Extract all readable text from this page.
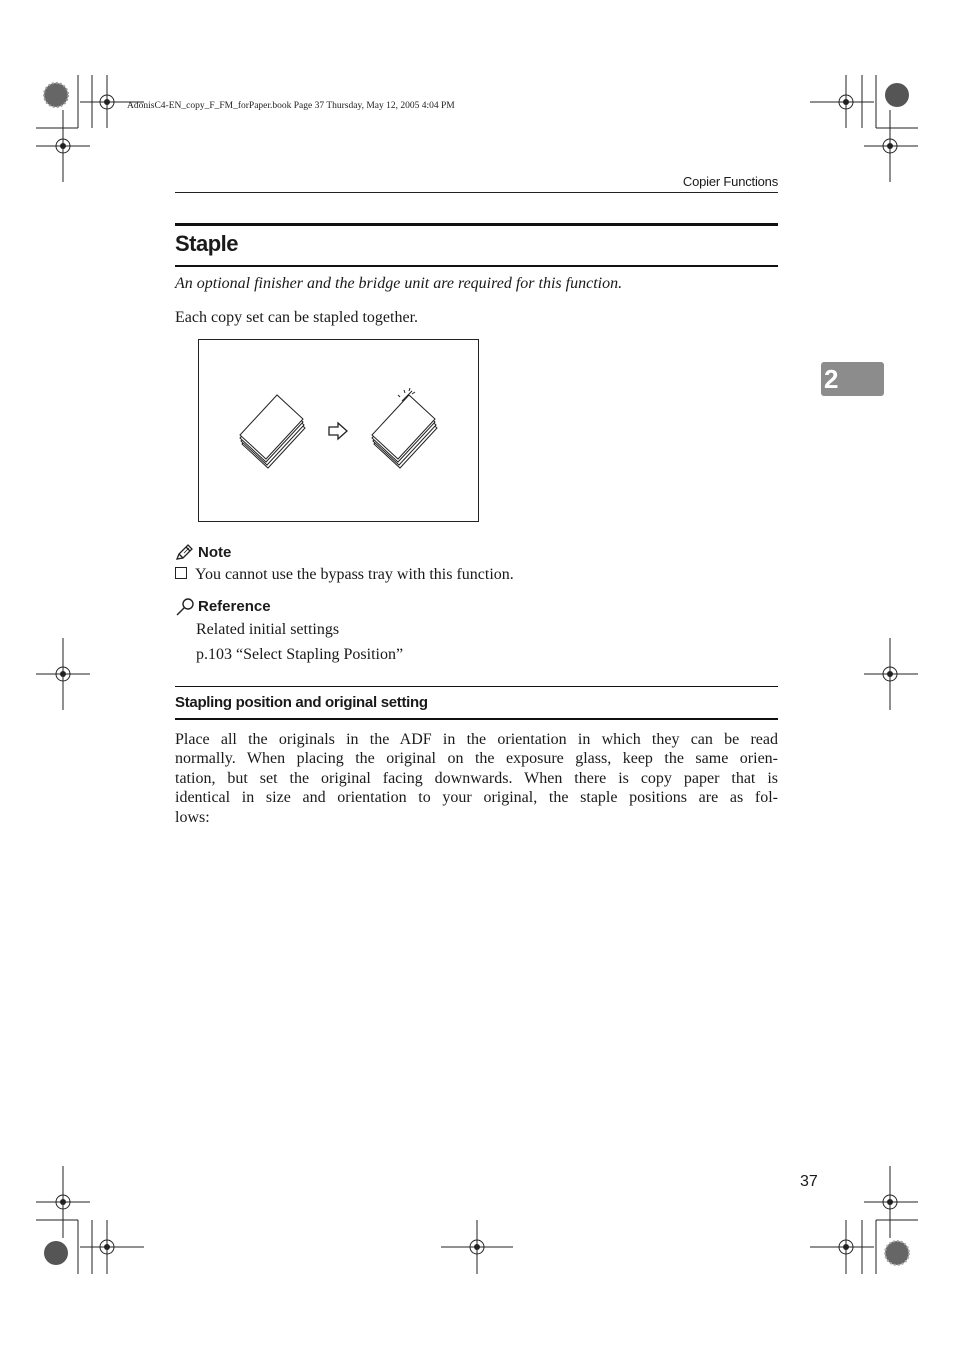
AdonisC4-EN_copy_F_FM_forPaper.book Page 37 Thursday, May 12, 2005 4:04 PM
Copier Functions
Staple
An optional finisher and the bridge unit are required for this function.
Each copy set can be stapled together.
Note
You cannot use the bypass tray with this function.
Reference
Related initial settings
p.103 “Select Stapling Position”
Stapling position and original setting
Place all the originals in the ADF in the orientation in which they can be read
normally. When placing the original on the exposure glass, keep the same orien-
tation, but set the original facing downwards. When there is copy paper that is
identical in size and orientation to your original, the staple positions are as fol-
lows:
2
37
